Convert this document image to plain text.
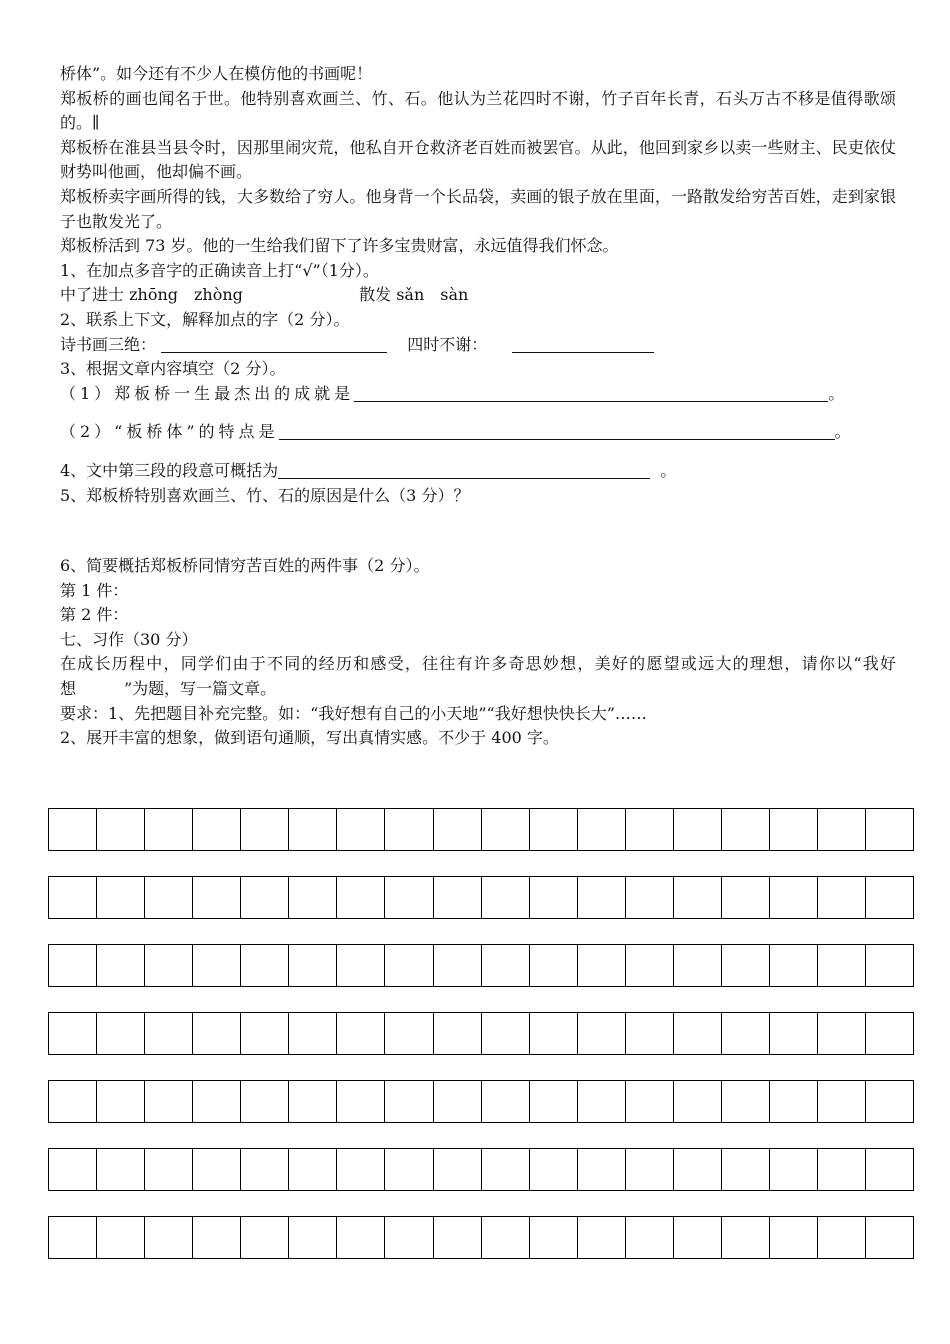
桥体”。如今还有不少人在模仿他的书画呢！
郑板桥的画也闻名于世。他特别喜欢画兰、竹、石。他认为兰花四时不谢，竹子百年长青，石头万古不移是值得歌颂的。∥
郑板桥在淮县当县令时，因那里闹灾荒，他私自开仓救济老百姓而被罢官。从此，他回到家乡以卖一些财主、民吏依仗财势叫他画，他却偏不画。
郑板桥卖字画所得的钱，大多数给了穷人。他身背一个长品袋，卖画的银子放在里面，一路散发给穷苦百姓，走到家银子也散发光了。
郑板桥活到 73 岁。他的一生给我们留下了许多宝贵财富，永远值得我们怀念。
1、在加点多音字的正确读音上打“√”（1分）。
中了进士 zhōng　zhòng	散发 sǎn　sàn
2、联系上下文，解释加点的字（2 分）。
诗书画三绝：	四时不谢：
3、根据文章内容填空（2 分）。
（1）郑板桥一生最杰出的成就是	。
（2）“板桥体”的特点是	。
4、文中第三段的段意可概括为	。
5、郑板桥特别喜欢画兰、竹、石的原因是什么（3 分）？
6、简要概括郑板桥同情穷苦百姓的两件事（2 分）。
第 1 件：
第 2 件：
七、习作（30 分）
在成长历程中，同学们由于不同的经历和感受，往往有许多奇思妙想，美好的愿望或远大的理想，请你以“我好想　　　”为题，写一篇文章。
要求：1、先把题目补充完整。如：“我好想有自己的小天地”“我好想快快长大”……
2、展开丰富的想象，做到语句通顺，写出真情实感。不少于 400 字。
